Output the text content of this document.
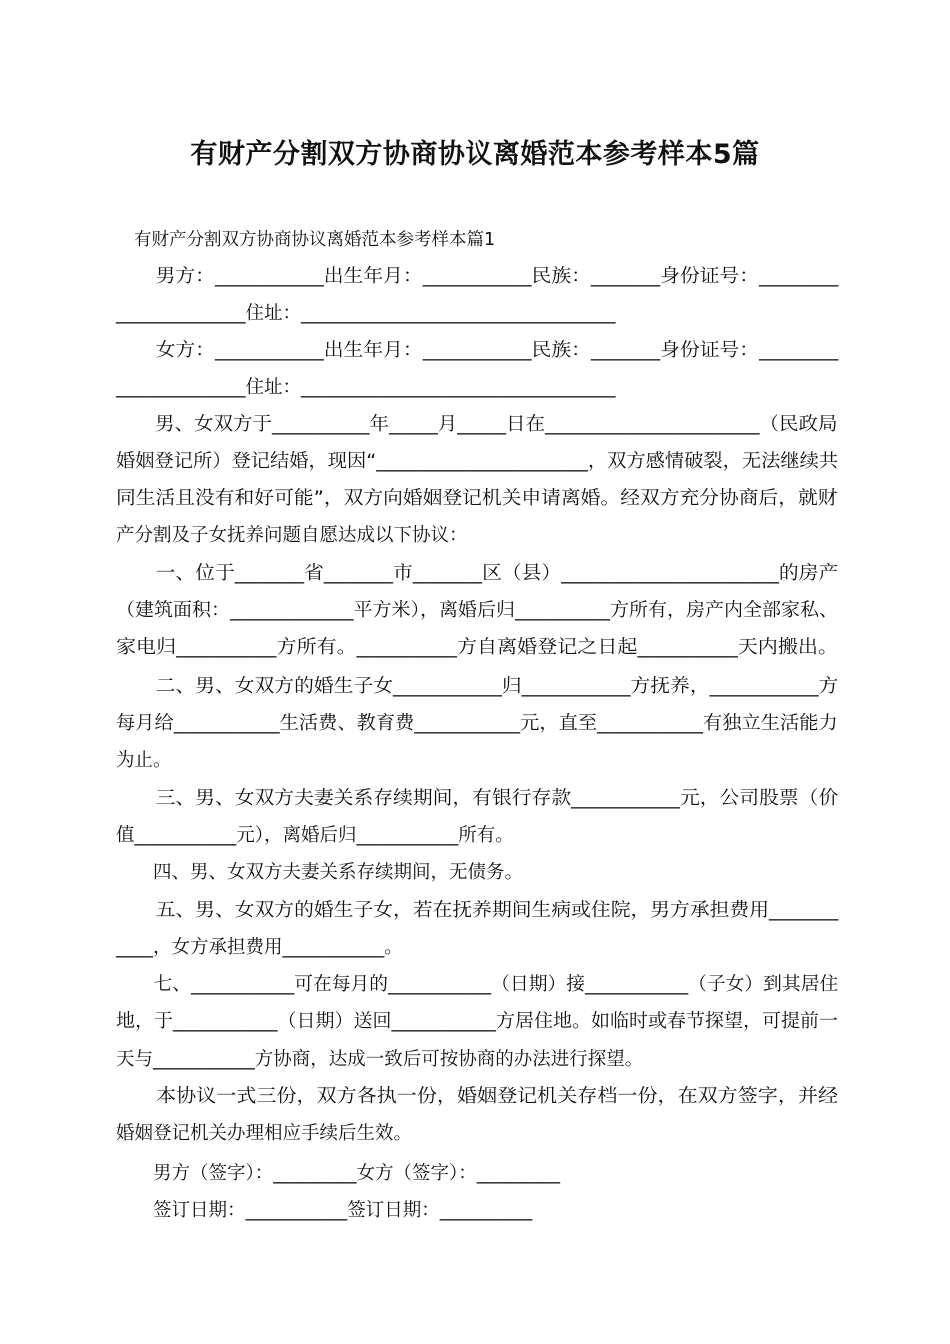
有财产分割双方协商协议离婚范本参考样本5篇

有财产分割双方协商协议离婚范本参考样本篇1

　　男方：___________出生年月：___________民族：_______身份证号：________

______________住址：__________________________________

　　女方：___________出生年月：___________民族：_______身份证号：________

______________住址：__________________________________

　　男、女双方于__________年_____月_____日在______________________（民政局

婚姻登记所）登记结婚，现因“______________________，双方感情破裂，无法继续共

同生活且没有和好可能”，双方向婚姻登记机关申请离婚。经双方充分协商后，就财

产分割及子女抚养问题自愿达成以下协议：

　　一、位于_______省_______市_______区（县）______________________的房产

（建筑面积：_____________平方米），离婚后归__________方所有，房产内全部家私、

家电归__________方所有。__________方自离婚登记之日起__________天内搬出。

　　二、男、女双方的婚生子女___________归___________方抚养，___________方

每月给___________生活费、教育费___________元，直至___________有独立生活能力

为止。

　　三、男、女双方夫妻关系存续期间，有银行存款___________元，公司股票（价

值___________元），离婚后归___________所有。

　　四、男、女双方夫妻关系存续期间，无债务。

　　五、男、女双方的婚生子女，若在抚养期间生病或住院，男方承担费用_______

____，女方承担费用___________。

　　七、___________可在每月的___________（日期）接___________（子女）到其居住

地，于___________（日期）送回___________方居住地。如临时或春节探望，可提前一

天与___________方协商，达成一致后可按协商的办法进行探望。

　　本协议一式三份，双方各执一份，婚姻登记机关存档一份，在双方签字，并经

婚姻登记机关办理相应手续后生效。

　　男方（签字）：_________女方（签字）：_________

　　签订日期：___________签订日期：__________
